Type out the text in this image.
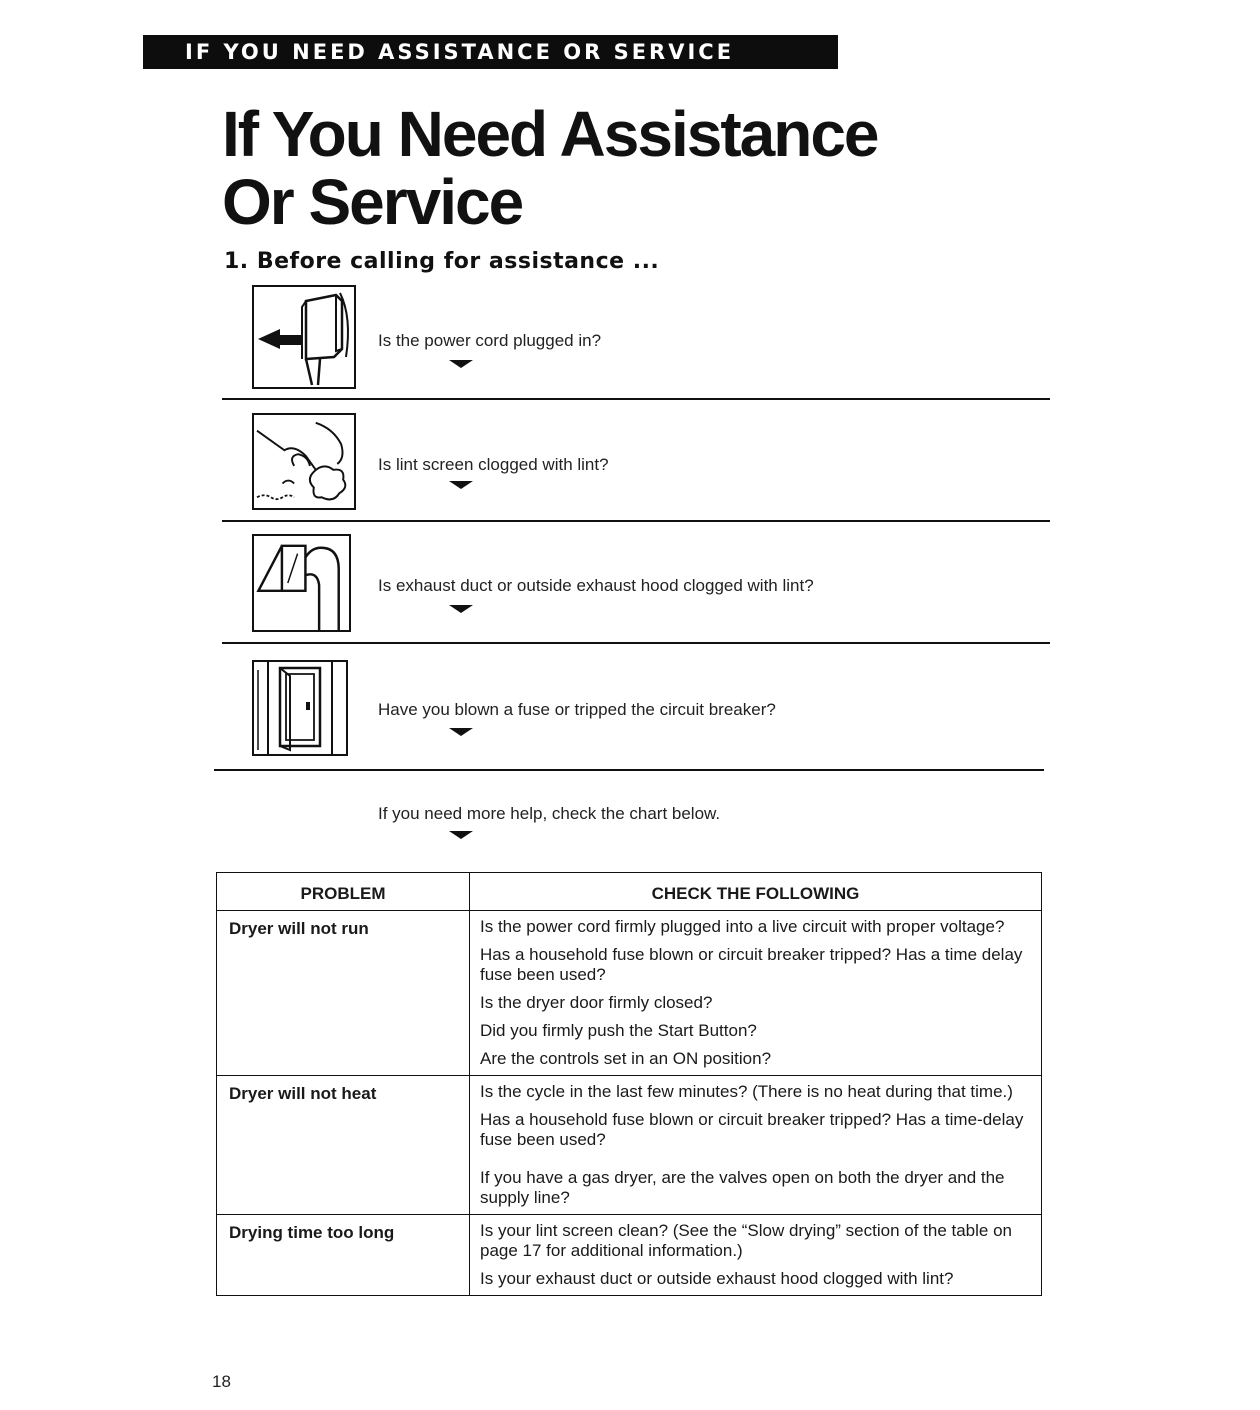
IF YOU NEED ASSISTANCE OR SERVICE
If You Need Assistance
Or Service
1. Before calling for assistance ...
Is the power cord plugged in?
Is lint screen clogged with lint?
Is exhaust duct or outside exhaust hood clogged with lint?
Have you blown a fuse or tripped the circuit breaker?
If you need more help, check the chart below.
PROBLEM	CHECK THE FOLLOWING
Dryer will not run	Is the power cord firmly plugged into a live circuit with proper voltage?
Has a household fuse blown or circuit breaker tripped? Has a time delay fuse been used?
Is the dryer door firmly closed?
Did you firmly push the Start Button?
Are the controls set in an ON position?

Dryer will not heat	Is the cycle in the last few minutes? (There is no heat during that time.)
Has a household fuse blown or circuit breaker tripped? Has a time-delay fuse been used?
If you have a gas dryer, are the valves open on both the dryer and the supply line?

Drying time too long	Is your lint screen clean? (See the “Slow drying” section of the table on page 17 for additional information.)
Is your exhaust duct or outside exhaust hood clogged with lint?
18
